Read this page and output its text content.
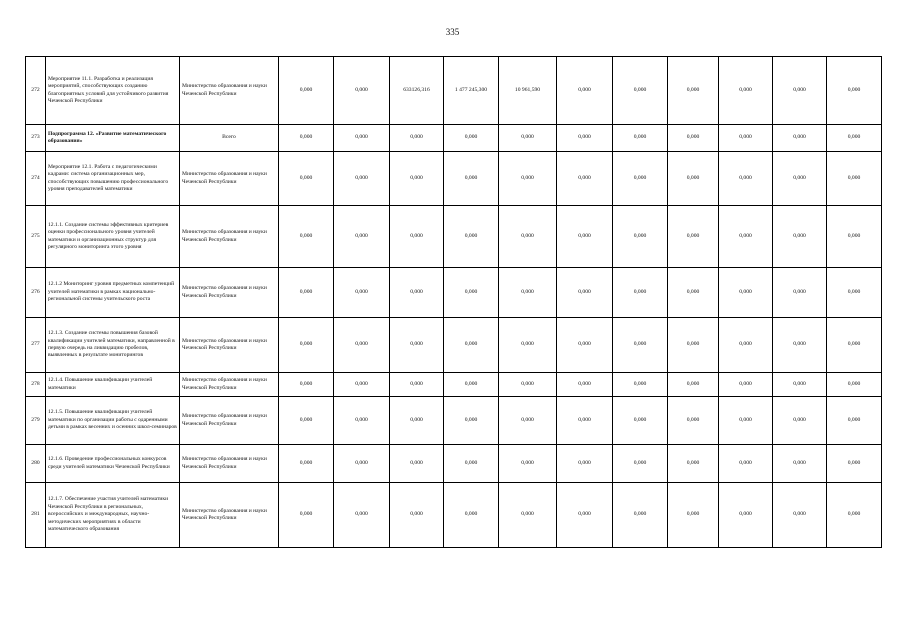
335
272	Мероприятие 11.1. Разработка и реализация мероприятий, способствующих созданию благоприятных условий для устойчивого развития Чеченской Республики	Министерство образования и науки Чеченской Республики	0,000	0,000	633126,316	1 477 245,300	10 961,590	0,000	0,000	0,000	0,000	0,000	0,000
273	Подпрограмма 12. «Развитие математического образования»	Всего	0,000	0,000	0,000	0,000	0,000	0,000	0,000	0,000	0,000	0,000	0,000
274	Мероприятие 12.1. Работа с педагогическими кадрами: система организационных мер, способствующих повышению профессионального уровня преподавателей математики	Министерство образования и науки Чеченской Республики	0,000	0,000	0,000	0,000	0,000	0,000	0,000	0,000	0,000	0,000	0,000
275	12.1.1. Создание системы эффективных критериев оценки профессионального уровня учителей математики и организационных структур для регулярного мониторинга этого уровня	Министерство образования и науки Чеченской Республики	0,000	0,000	0,000	0,000	0,000	0,000	0,000	0,000	0,000	0,000	0,000
276	12.1.2 Мониторинг уровня предметных компетенций учителей математики в рамках национально-региональной системы учительского роста	Министерство образования и науки Чеченской Республики	0,000	0,000	0,000	0,000	0,000	0,000	0,000	0,000	0,000	0,000	0,000
277	12.1.3. Создание системы повышения базовой квалификации учителей математики, направленной в первую очередь на ликвидацию пробелов, выявленных в результате мониторингов	Министерство образования и науки Чеченской Республики	0,000	0,000	0,000	0,000	0,000	0,000	0,000	0,000	0,000	0,000	0,000
278	12.1.4. Повышение квалификации учителей математики	Министерство образования и науки Чеченской Республики	0,000	0,000	0,000	0,000	0,000	0,000	0,000	0,000	0,000	0,000	0,000
279	12.1.5. Повышение квалификации учителей математики по организации работы с одаренными детьми в рамках весенних и осенних школ-семинаров	Министерство образования и науки Чеченской Республики	0,000	0,000	0,000	0,000	0,000	0,000	0,000	0,000	0,000	0,000	0,000
280	12.1.6. Проведение профессиональных конкурсов среди учителей математики Чеченской Республики	Министерство образования и науки Чеченской Республики	0,000	0,000	0,000	0,000	0,000	0,000	0,000	0,000	0,000	0,000	0,000
281	12.1.7. Обеспечение участия учителей математики Чеченской Республики в региональных, всероссийских и международных, научно-методических мероприятиях в области математического образования	Министерство образования и науки Чеченской Республики	0,000	0,000	0,000	0,000	0,000	0,000	0,000	0,000	0,000	0,000	0,000
